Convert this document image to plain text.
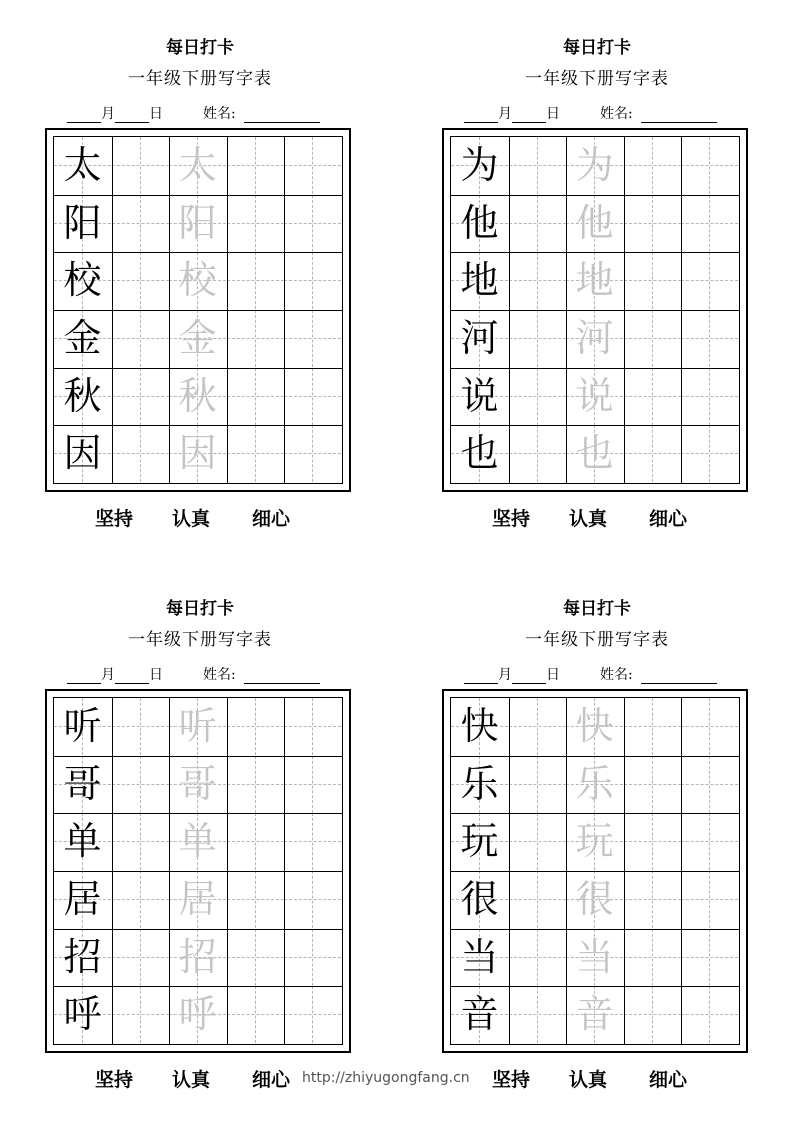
每日打卡
一年级下册写字表
月 日	姓名:
太 太
阳 阳
校 校
金 金
秋 秋
因 因
坚持 认真 细心
每日打卡
一年级下册写字表
月 日	姓名:
为 为
他 他
地 地
河 河
说 说
也 也
坚持 认真 细心
每日打卡
一年级下册写字表
月 日	姓名:
听 听
哥 哥
单 单
居 居
招 招
呼 呼
坚持 认真 细心
每日打卡
一年级下册写字表
月 日	姓名:
快 快
乐 乐
玩 玩
很 很
当 当
音 音
坚持 认真 细心
http://zhiyugongfang.cn
